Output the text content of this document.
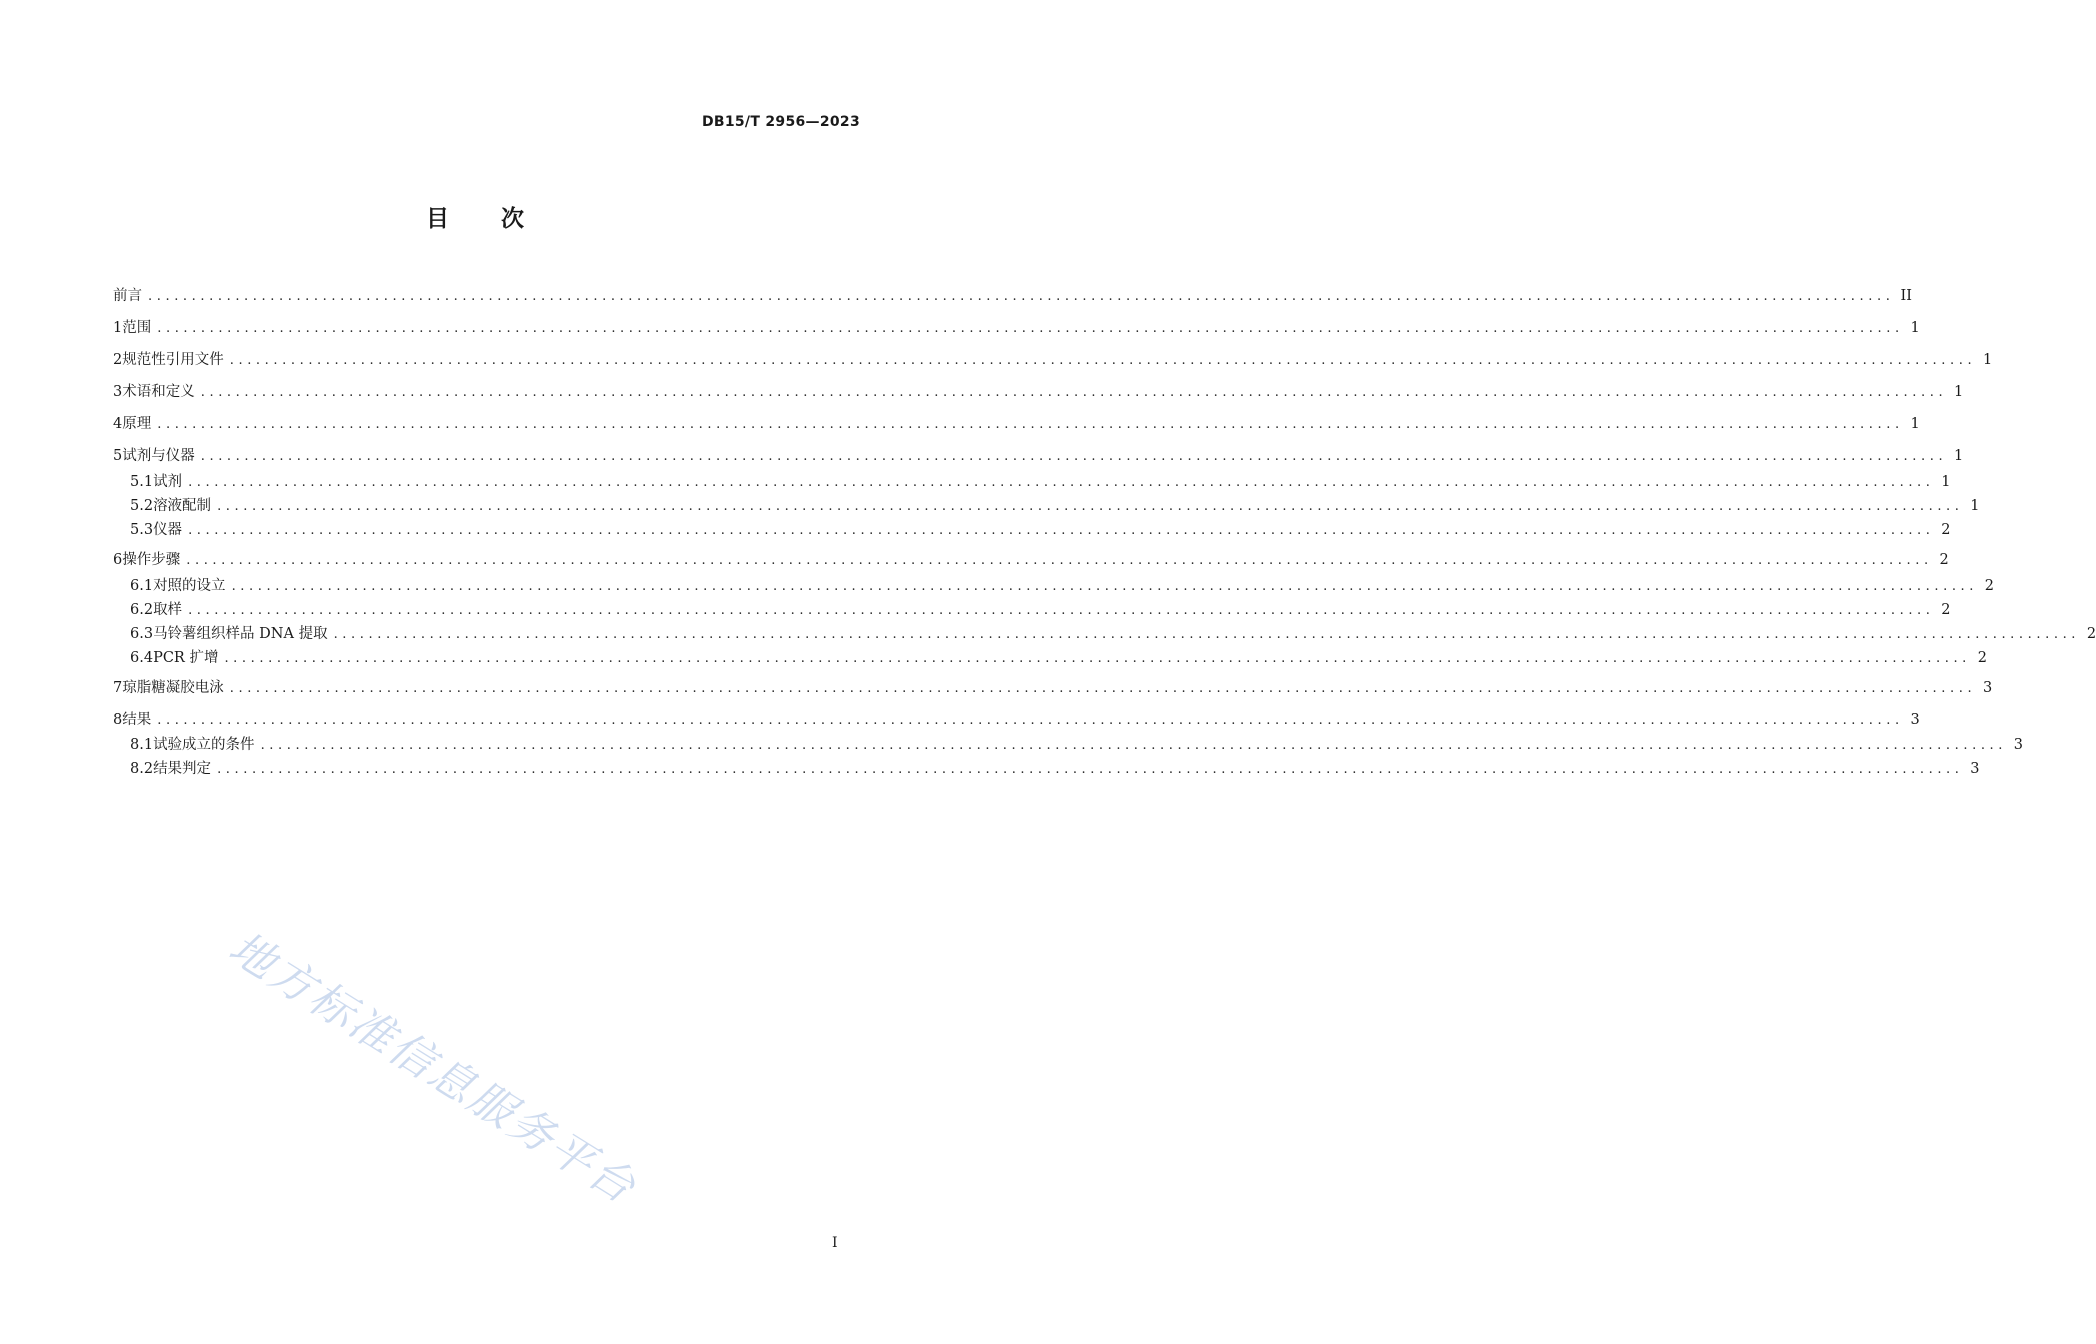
DB15/T 2956—2023
目次
前言 ........................................................................................................................................................................................................ II
1 范围 ........................................................................................................................................................................................................ 1
2 规范性引用文件 ........................................................................................................................................................................................................ 1
3 术语和定义 ........................................................................................................................................................................................................ 1
4 原理 ........................................................................................................................................................................................................ 1
5 试剂与仪器 ........................................................................................................................................................................................................ 1
5.1 试剂 ........................................................................................................................................................................................................ 1
5.2 溶液配制 ........................................................................................................................................................................................................ 1
5.3 仪器 ........................................................................................................................................................................................................ 2
6 操作步骤 ........................................................................................................................................................................................................ 2
6.1 对照的设立 ........................................................................................................................................................................................................ 2
6.2 取样 ........................................................................................................................................................................................................ 2
6.3 马铃薯组织样品 DNA 提取 ........................................................................................................................................................................................................ 2
6.4 PCR 扩增 ........................................................................................................................................................................................................ 2
7 琼脂糖凝胶电泳 ........................................................................................................................................................................................................ 3
8 结果 ........................................................................................................................................................................................................ 3
8.1 试验成立的条件 ........................................................................................................................................................................................................ 3
8.2 结果判定 ........................................................................................................................................................................................................ 3
地方标准信息服务平台
I
